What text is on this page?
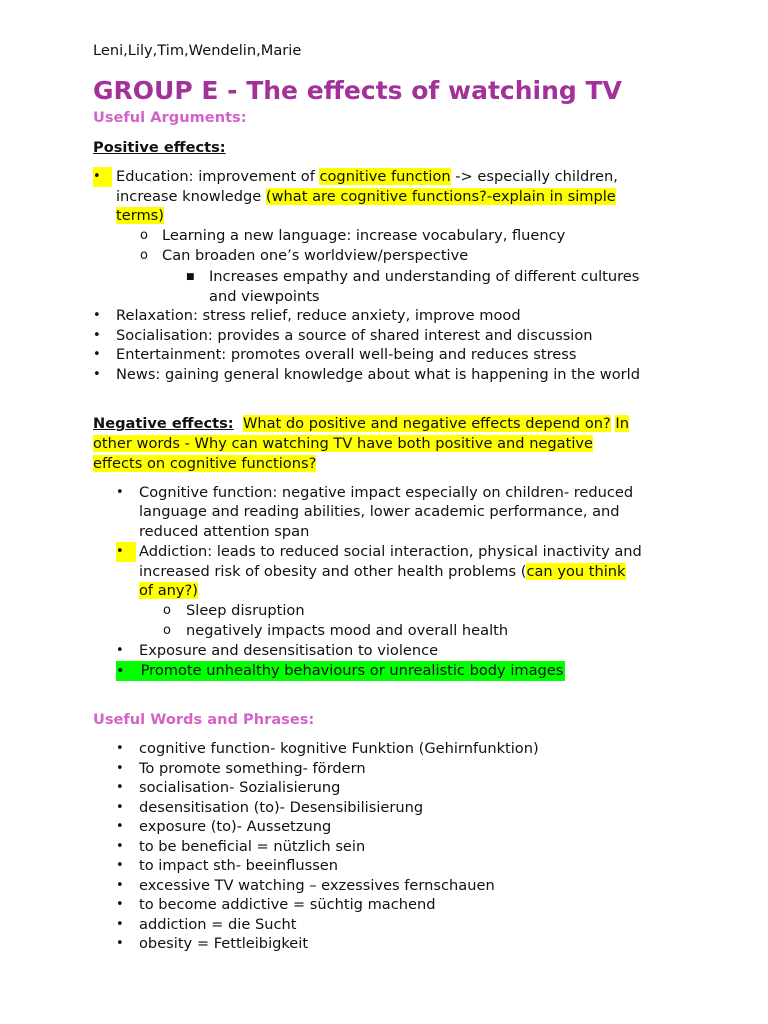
Leni,Lily,Tim,Wendelin,Marie
GROUP E - The effects of watching TV
Useful Arguments:
Positive effects:
•	Education: improvement of cognitive function -> especially children,
increase knowledge (what are cognitive functions?-explain in simple
terms)
o Learning a new language: increase vocabulary, fluency
o Can broaden one’s worldview/perspective
■ Increases empathy and understanding of different cultures
and viewpoints
• Relaxation: stress relief, reduce anxiety, improve mood
• Socialisation: provides a source of shared interest and discussion
• Entertainment: promotes overall well-being and reduces stress
• News: gaining general knowledge about what is happening in the world
Negative effects: What do positive and negative effects depend on? In
other words - Why can watching TV have both positive and negative
effects on cognitive functions?
• Cognitive function: negative impact especially on children- reduced
language and reading abilities, lower academic performance, and
reduced attention span
•	Addiction: leads to reduced social interaction, physical inactivity and
increased risk of obesity and other health problems (can you think
of any?)
o Sleep disruption
o negatively impacts mood and overall health
• Exposure and desensitisation to violence
• Promote unhealthy behaviours or unrealistic body images
Useful Words and Phrases:
• cognitive function- kognitive Funktion (Gehirnfunktion)
• To promote something- fördern
• socialisation- Sozialisierung
• desensitisation (to)- Desensibilisierung
• exposure (to)- Aussetzung
• to be beneficial = nützlich sein
• to impact sth- beeinflussen
• excessive TV watching – exzessives fernschauen
• to become addictive = süchtig machend
• addiction = die Sucht
• obesity = Fettleibigkeit
